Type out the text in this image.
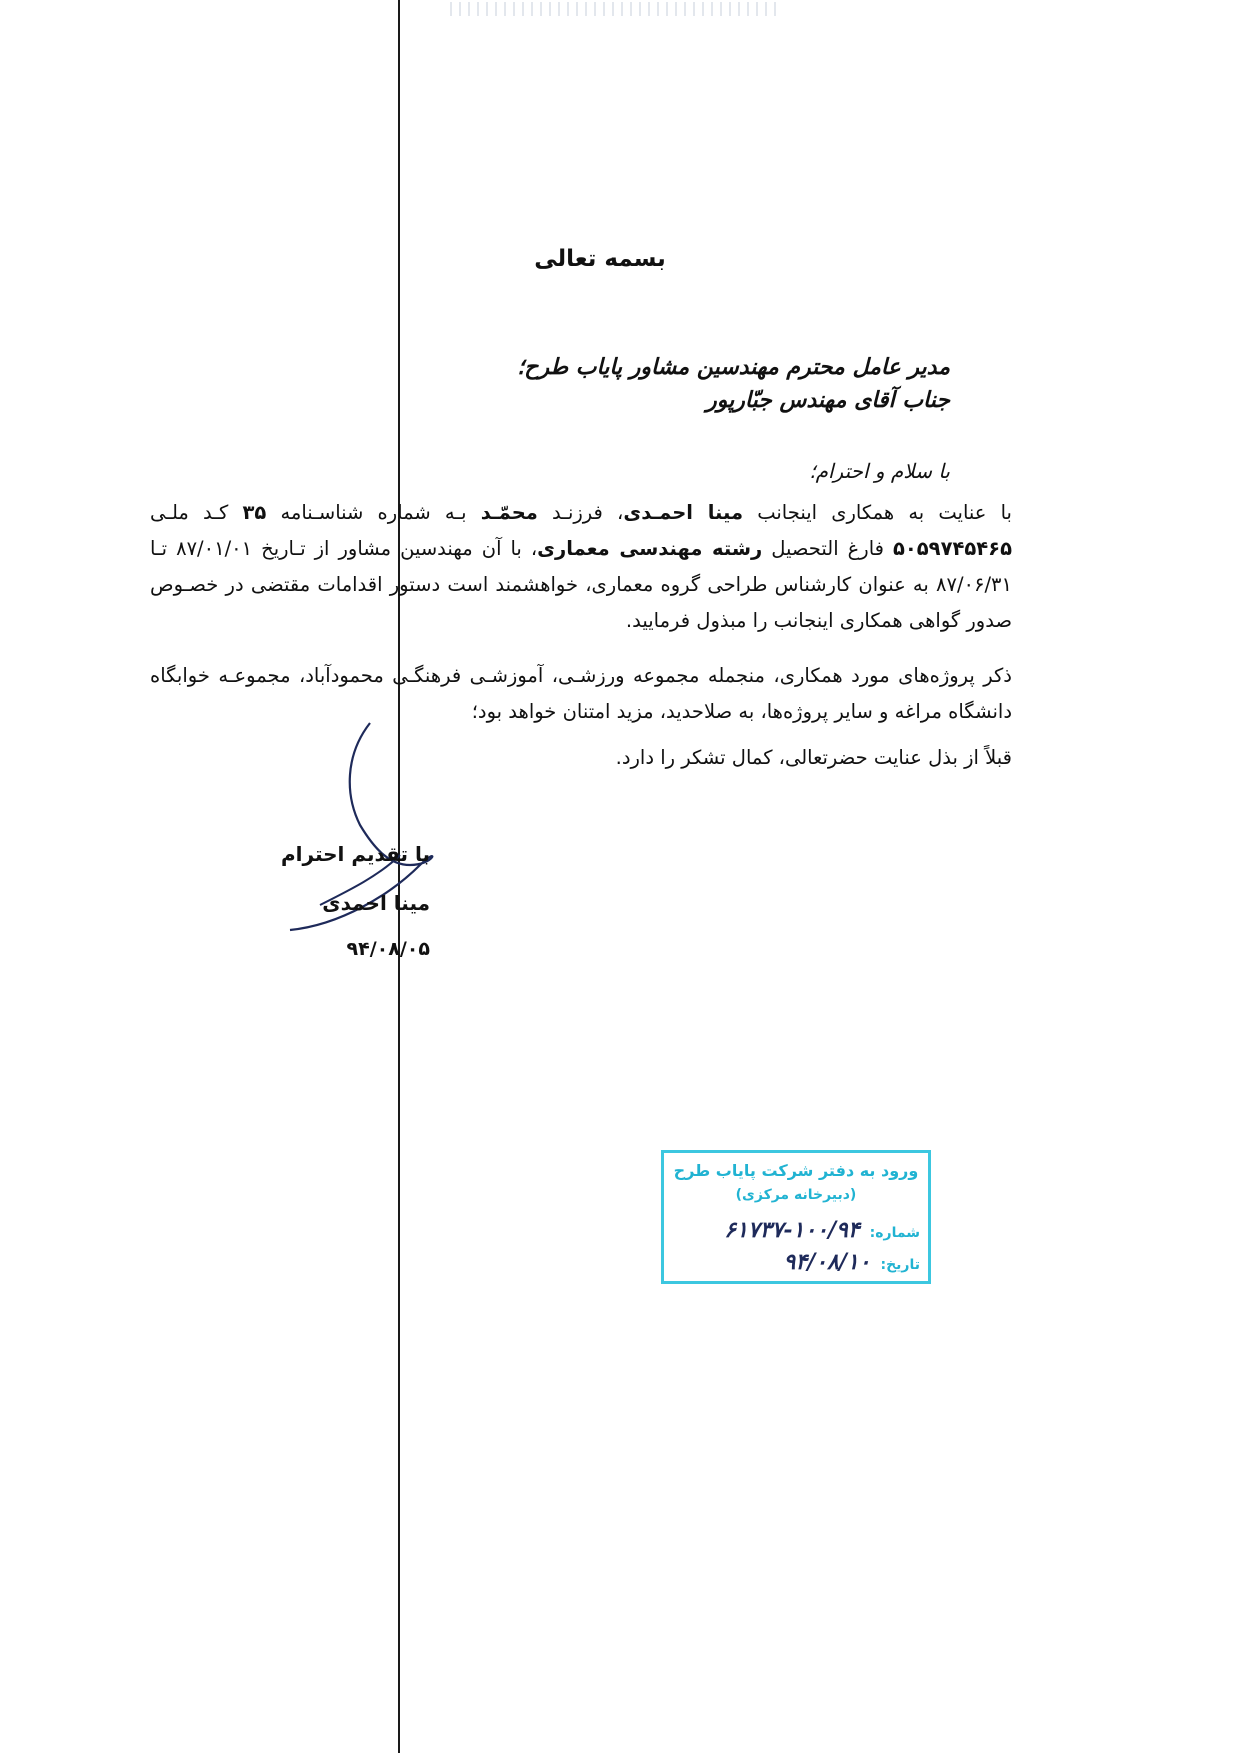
بسمه تعالی
مدیر عامل محترم مهندسین مشاور پایاب طرح؛
جناب آقای مهندس جبّارپور
با سلام و احترام؛
با عنایت به همکاری اینجانب مینا احمـدی، فرزنـد محمّـد بـه شماره شناسـنامه ۳۵ کـد ملـی ۵۰۵۹۷۴۵۴۶۵ فارغ التحصیل رشته مهندسی معماری، با آن مهندسین مشاور از تـاریخ ۸۷/۰۱/۰۱ تـا ۸۷/۰۶/۳۱ به عنوان کارشناس طراحی گروه معماری، خواهشمند است دستور اقدامات مقتضی در خصـوص صدور گواهی همکاری اینجانب را مبذول فرمایید.
ذکر پروژه‌های مورد همکاری، منجمله مجموعه ورزشـی، آموزشـی فرهنگـی محمودآباد، مجموعـه خوابگاه دانشگاه مراغه و سایر پروژه‌ها، به صلاحدید، مزید امتنان خواهد بود؛
قبلاً از بذل عنایت حضرتعالی، کمال تشکر را دارد.
با تقدیم احترام
مینا احمدی
۹۴/۰۸/۰۵
ورود به دفتر شرکت پایاب طرح
(دبیرخانه مرکزی)
شماره:۱۰۰/۹۴-۶۱۷۳۷
تاریخ:۹۴/۰۸/۱۰
